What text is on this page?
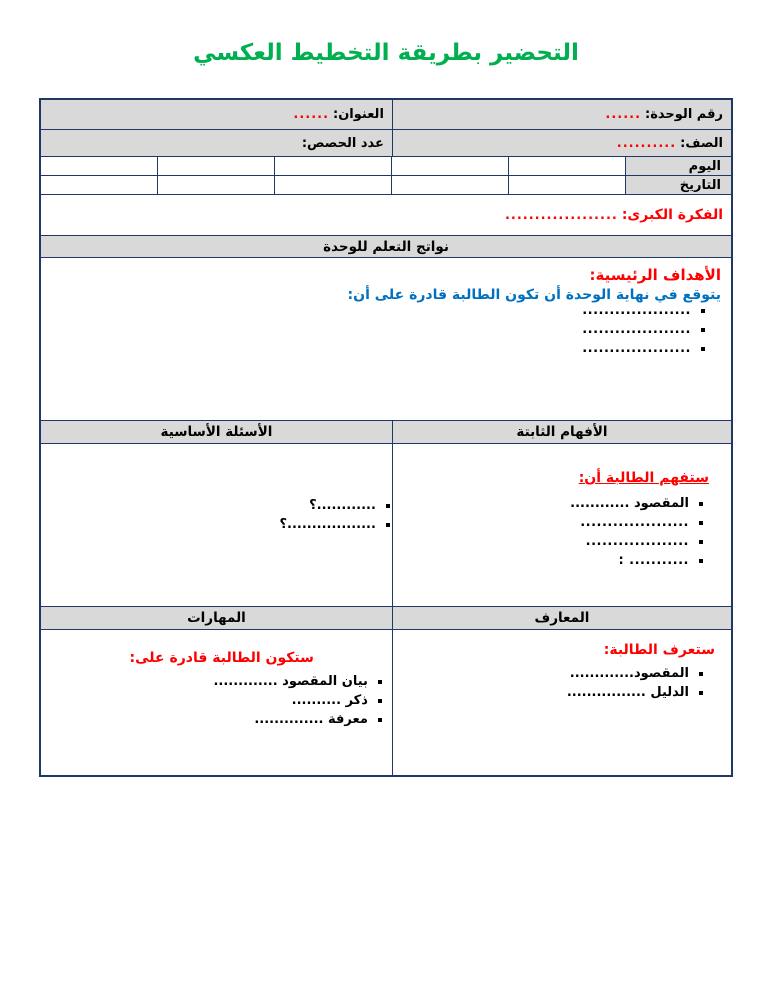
التحضير بطريقة التخطيط العكسي
رقم الوحدة:
......
العنوان:
......
الصف:
..........
عدد الحصص:
اليوم
التاريخ
الفكرة الكبرى:
...................
نواتج التعلم للوحدة
الأهداف الرئيسية:
يتوقع في نهاية الوحدة أن تكون الطالبة قادرة على أن:
▪ ....................
▪ ....................
▪ ....................
الأفهام الثابتة
الأسئلة الأساسية
ستفهم الطالبة أن:
▪ المقصود ............
▪ ....................
▪ ...................
▪ ........... :
▪ ............؟
▪ ..................؟
المعارف
المهارات
ستعرف الطالبة:
▪ المقصود.............
▪ الدليل ................
ستكون الطالبة قادرة على:
▪ بيان المقصود .............
▪ ذكر ..........
▪ معرفة ..............
